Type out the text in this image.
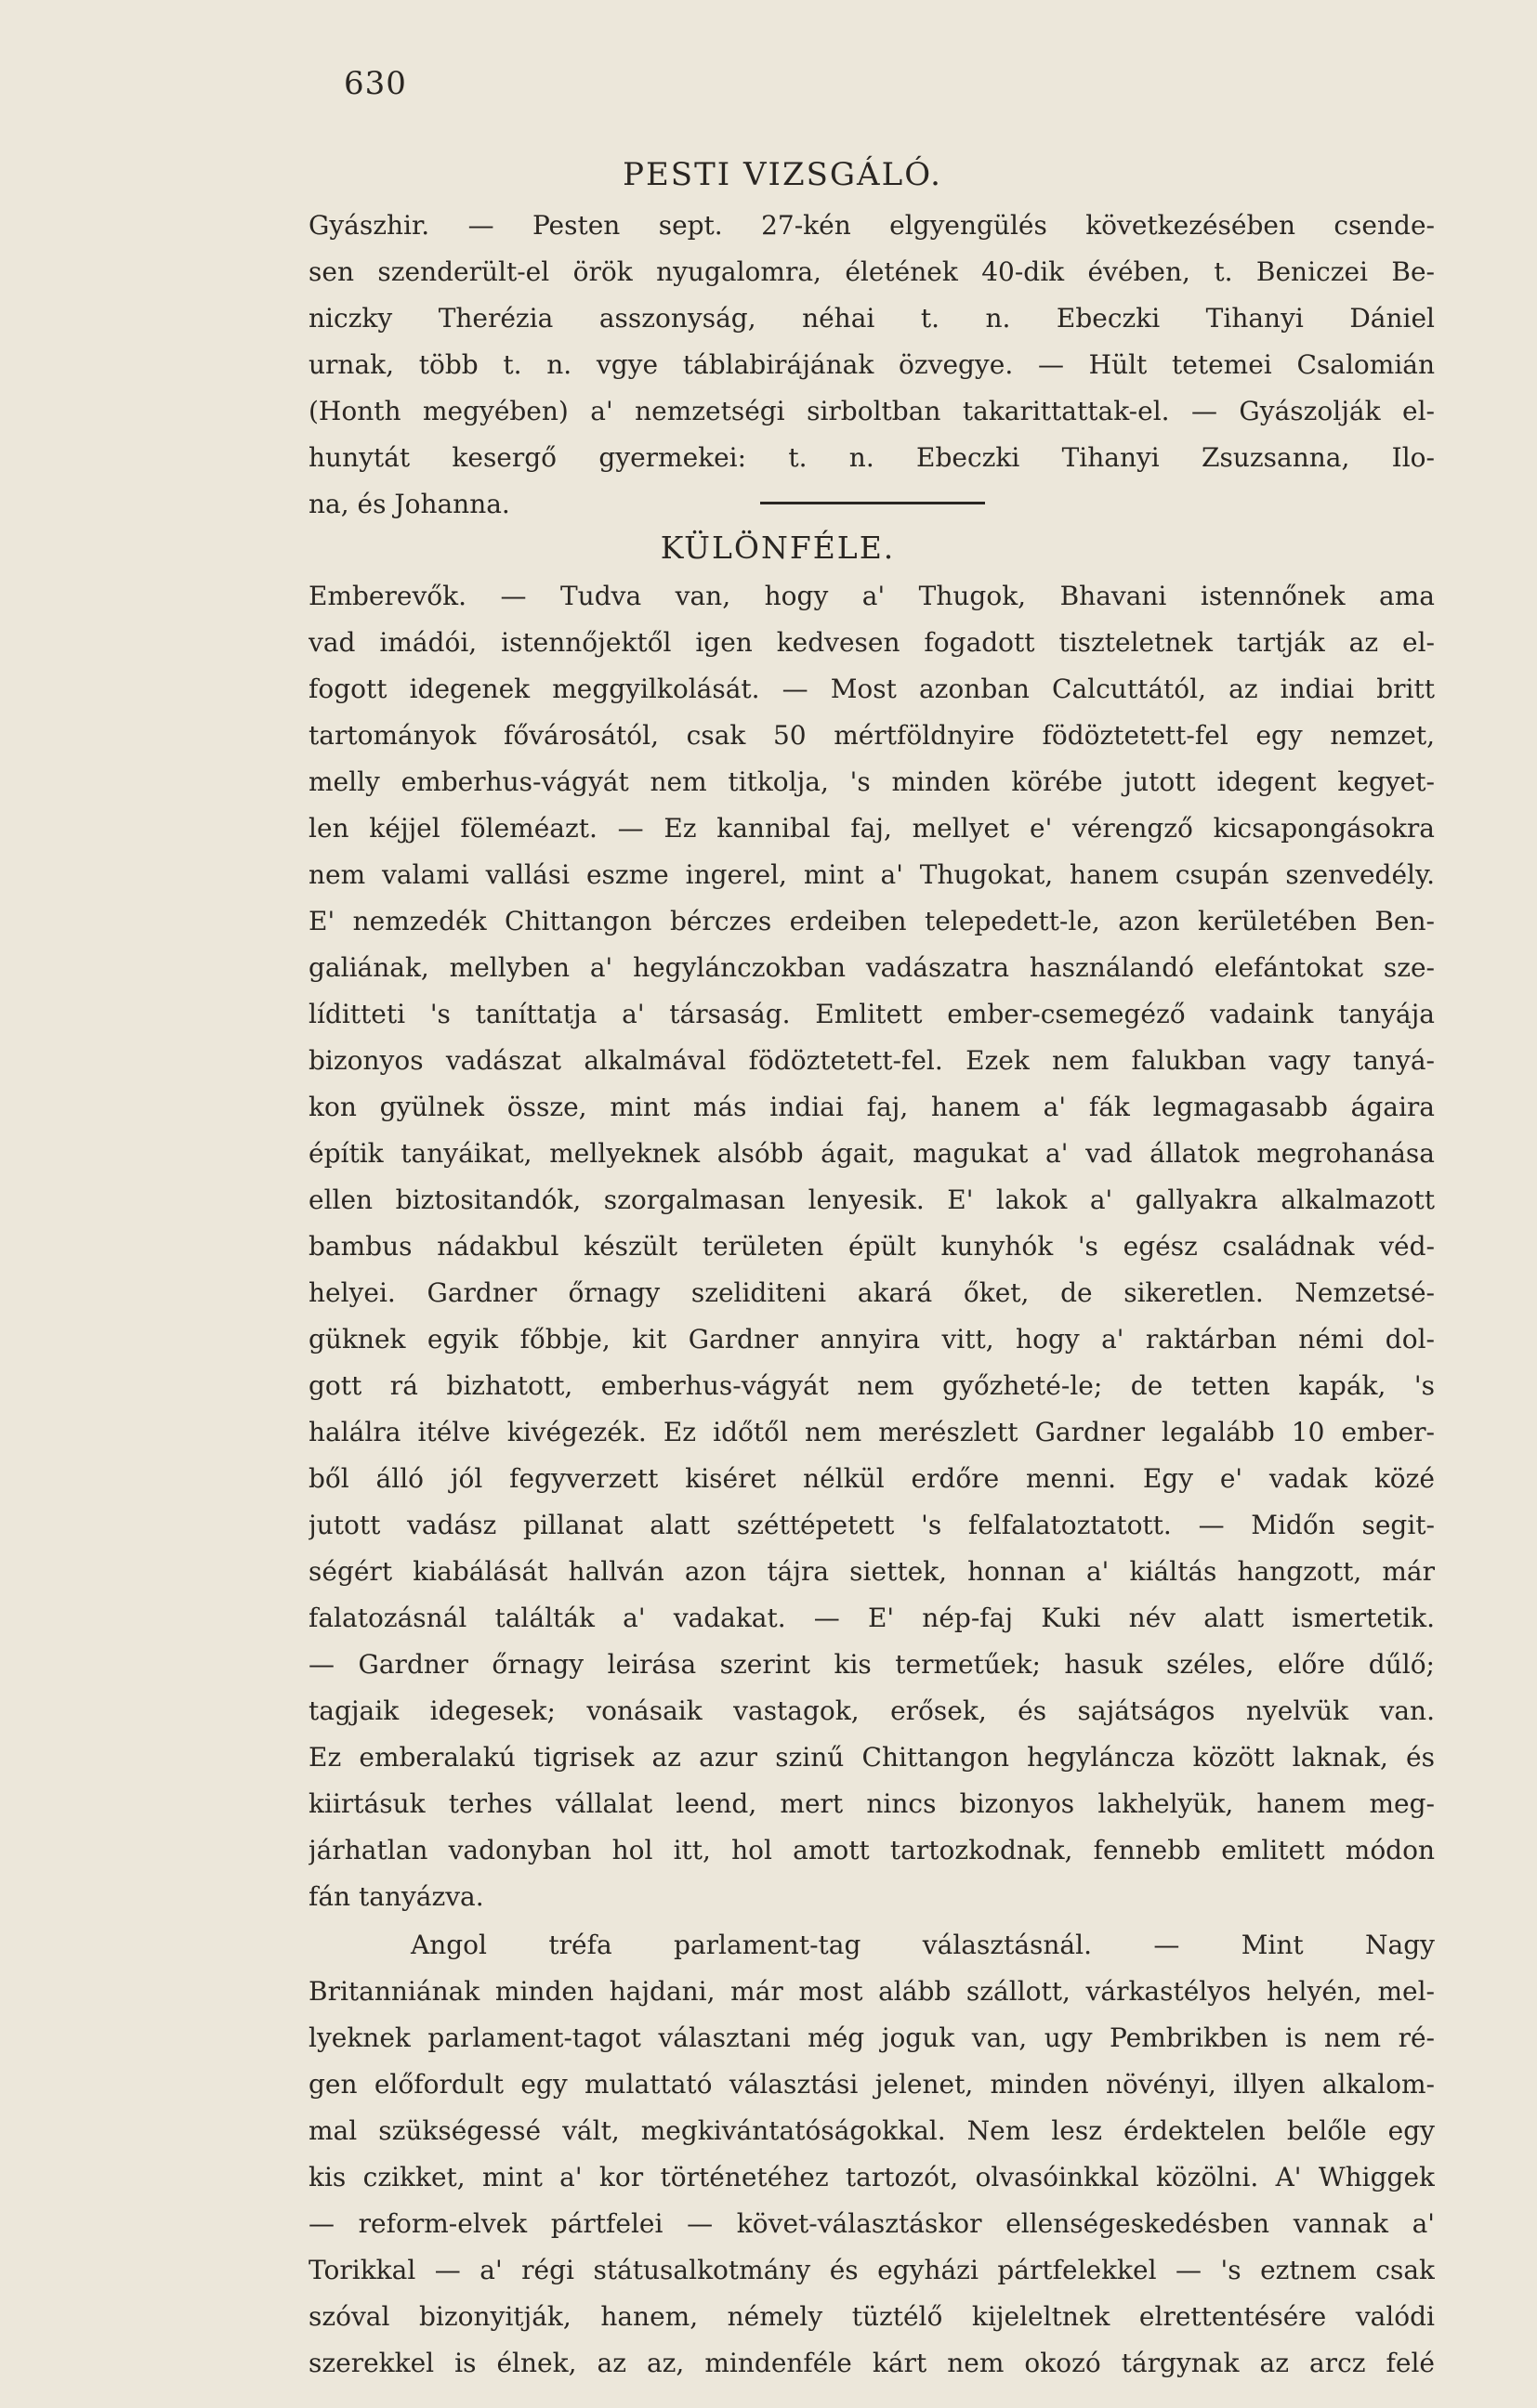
630
PESTI VIZSGÁLÓ.
Gyászhir. — Pesten sept. 27-kén elgyengülés következésében csende-
sen szenderült-el örök nyugalomra, életének 40-dik évében, t. Beniczei Be-
niczky Therézia asszonyság, néhai t. n. Ebeczki Tihanyi Dániel
urnak, több t. n. vgye táblabirájának özvegye. — Hült tetemei Csalomián
(Honth megyében) a' nemzetségi sirboltban takarittattak-el. — Gyászolják el-
hunytát kesergő gyermekei: t. n. Ebeczki Tihanyi Zsuzsanna, Ilo-
na, és Johanna.
KÜLÖNFÉLE.
Emberevők. — Tudva van, hogy a' Thugok, Bhavani istennőnek ama
vad imádói, istennőjektől igen kedvesen fogadott tiszteletnek tartják az el-
fogott idegenek meggyilkolását. — Most azonban Calcuttától, az indiai britt
tartományok fővárosától, csak 50 mértföldnyire födöztetett-fel egy nemzet,
melly emberhus-vágyát nem titkolja, 's minden körébe jutott idegent kegyet-
len kéjjel föleméazt. — Ez kannibal faj, mellyet e' vérengző kicsapongásokra
nem valami vallási eszme ingerel, mint a' Thugokat, hanem csupán szenvedély.
E' nemzedék Chittangon bérczes erdeiben telepedett-le, azon kerületében Ben-
galiának, mellyben a' hegylánczokban vadászatra használandó elefántokat sze-
líditteti 's taníttatja a' társaság. Emlitett ember-csemegéző vadaink tanyája
bizonyos vadászat alkalmával födöztetett-fel. Ezek nem falukban vagy tanyá-
kon gyülnek össze, mint más indiai faj, hanem a' fák legmagasabb ágaira
építik tanyáikat, mellyeknek alsóbb ágait, magukat a' vad állatok megrohanása
ellen biztositandók, szorgalmasan lenyesik. E' lakok a' gallyakra alkalmazott
bambus nádakbul készült területen épült kunyhók 's egész családnak véd-
helyei. Gardner őrnagy szeliditeni akará őket, de sikeretlen. Nemzetsé-
güknek egyik főbbje, kit Gardner annyira vitt, hogy a' raktárban némi dol-
gott rá bizhatott, emberhus-vágyát nem győzheté-le; de tetten kapák, 's
halálra itélve kivégezék. Ez időtől nem merészlett Gardner legalább 10 ember-
ből álló jól fegyverzett kiséret nélkül erdőre menni. Egy e' vadak közé
jutott vadász pillanat alatt széttépetett 's felfalatoztatott. — Midőn segit-
ségért kiabálását hallván azon tájra siettek, honnan a' kiáltás hangzott, már
falatozásnál találták a' vadakat. — E' nép-faj Kuki név alatt ismertetik.
— Gardner őrnagy leirása szerint kis termetűek; hasuk széles, előre dűlő;
tagjaik idegesek; vonásaik vastagok, erősek, és sajátságos nyelvük van.
Ez emberalakú tigrisek az azur szinű Chittangon hegylánczа között laknak, és
kiirtásuk terhes vállalat leend, mert nincs bizonyos lakhelyük, hanem meg-
járhatlan vadonyban hol itt, hol amott tartozkodnak, fennebb emlitett módon
fán tanyázva.
Angol tréfa parlament-tag választásnál. — Mint Nagy
Britanniának minden hajdani, már most alább szállott, várkastélyos helyén, mel-
lyeknek parlament-tagot választani még joguk van, ugy Pembrikben is nem ré-
gen előfordult egy mulattató választási jelenet, minden növényi, illyen alkalom-
mal szükségessé vált, megkivántatóságokkal. Nem lesz érdektelen belőle egy
kis czikket, mint a' kor történetéhez tartozót, olvasóinkkal közölni. A' Whiggek
— reform-elvek pártfelei — követ-választáskor ellenségeskedésben vannak a'
Torikkal — a' régi státusalkotmány és egyházi pártfelekkel — 's eztnem csak
szóval bizonyitják, hanem, némely tüztélő kijeleltnek elrettentésére valódi
szerekkel is élnek, az az, mindenféle kárt nem okozó tárgynak az arcz felé
